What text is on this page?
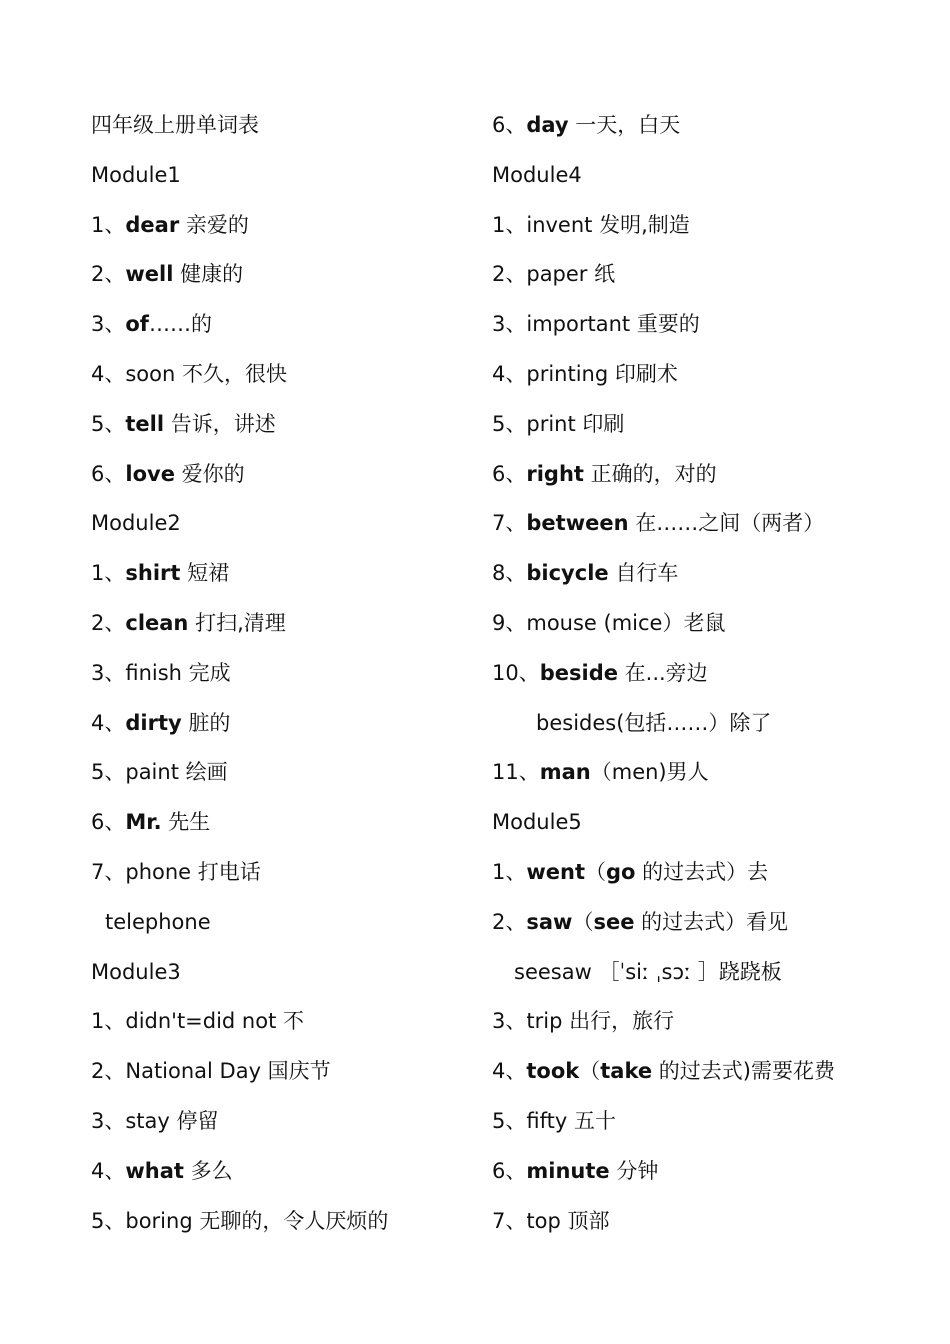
四年级上册单词表
Module1
1、dear 亲爱的
2、well 健康的
3、of……的
4、soon 不久，很快
5、tell 告诉，讲述
6、love 爱你的
Module2
1、shirt 短裙
2、clean 打扫,清理
3、finish 完成
4、dirty 脏的
5、paint 绘画
6、Mr. 先生
7、phone 打电话
telephone
Module3
1、didn't=did not 不
2、National Day 国庆节
3、stay 停留
4、what 多么
5、boring 无聊的，令人厌烦的
6、day 一天，白天
Module4
1、invent 发明,制造
2、paper 纸
3、important 重要的
4、printing 印刷术
5、print 印刷
6、right 正确的，对的
7、between 在……之间（两者）
8、bicycle 自行车
9、mouse (mice）老鼠
10、beside 在...旁边
besides(包括……）除了
11、man（men)男人
Module5
1、went（go 的过去式）去
2、saw（see 的过去式）看见
seesaw ［ˈsiː ˌsɔː ］跷跷板
3、trip 出行，旅行
4、took（take 的过去式)需要花费
5、fifty 五十
6、minute 分钟
7、top 顶部
